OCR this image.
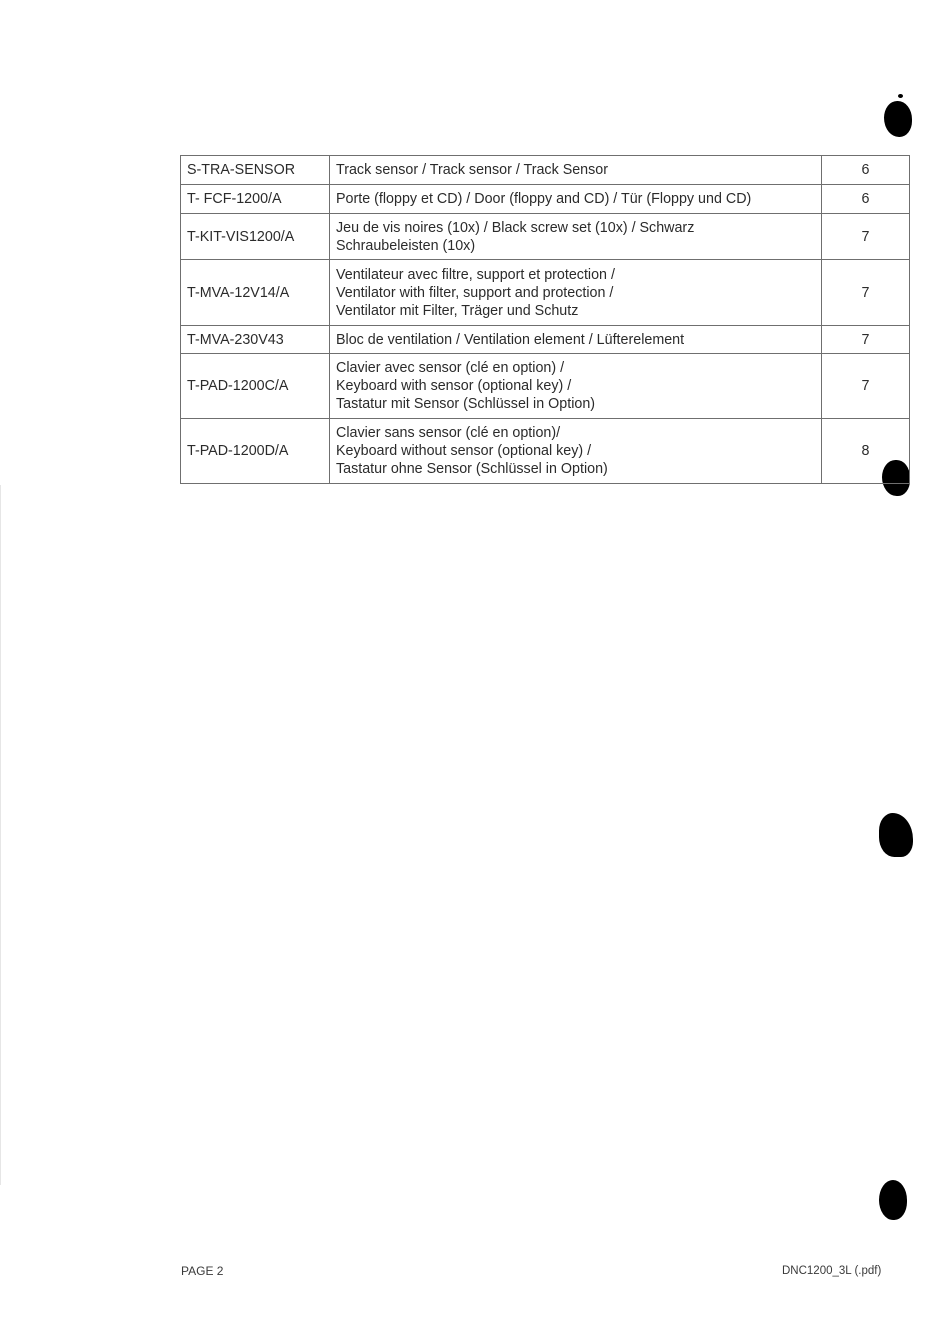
S-TRA-SENSOR	Track sensor / Track sensor / Track Sensor	6
T- FCF-1200/A	Porte (floppy et CD) / Door (floppy and CD) / Tür (Floppy und CD)	6
T-KIT-VIS1200/A	Jeu de vis noires (10x) / Black screw set (10x) / Schwarz
Schraubeleisten (10x)	7
T-MVA-12V14/A	Ventilateur avec filtre, support et protection /
Ventilator with filter, support and protection /
Ventilator mit Filter, Träger und Schutz	7
T-MVA-230V43	Bloc de ventilation / Ventilation element / Lüfterelement	7
T-PAD-1200C/A	Clavier avec sensor (clé en option) /
Keyboard with sensor (optional key) /
Tastatur mit Sensor (Schlüssel in Option)	7
T-PAD-1200D/A	Clavier sans sensor (clé en option)/
Keyboard without sensor (optional key) /
Tastatur ohne Sensor (Schlüssel in Option)	8
PAGE 2	DNC1200_3L (.pdf)
